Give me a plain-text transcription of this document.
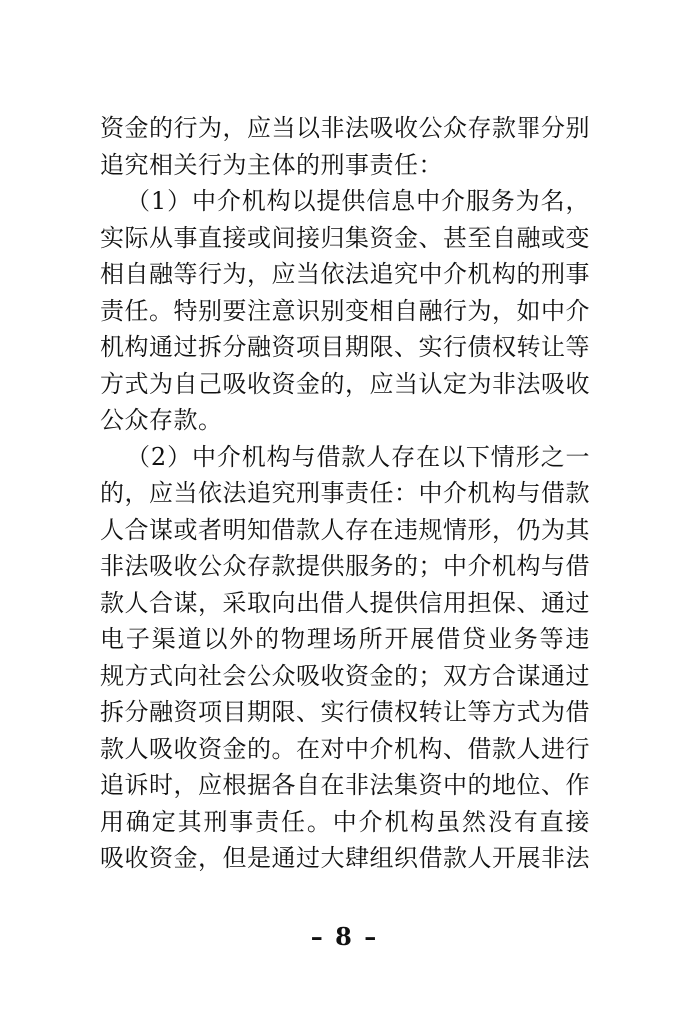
资金的行为，应当以非法吸收公众存款罪分别
追究相关行为主体的刑事责任：
（1）中介机构以提供信息中介服务为名，
实际从事直接或间接归集资金、甚至自融或变
相自融等行为，应当依法追究中介机构的刑事
责任。特别要注意识别变相自融行为，如中介
机构通过拆分融资项目期限、实行债权转让等
方式为自己吸收资金的，应当认定为非法吸收
公众存款。
（2）中介机构与借款人存在以下情形之一
的，应当依法追究刑事责任：中介机构与借款
人合谋或者明知借款人存在违规情形，仍为其
非法吸收公众存款提供服务的；中介机构与借
款人合谋，采取向出借人提供信用担保、通过
电子渠道以外的物理场所开展借贷业务等违
规方式向社会公众吸收资金的；双方合谋通过
拆分融资项目期限、实行债权转让等方式为借
款人吸收资金的。在对中介机构、借款人进行
追诉时，应根据各自在非法集资中的地位、作
用确定其刑事责任。中介机构虽然没有直接
吸收资金，但是通过大肆组织借款人开展非法
– 8 –
